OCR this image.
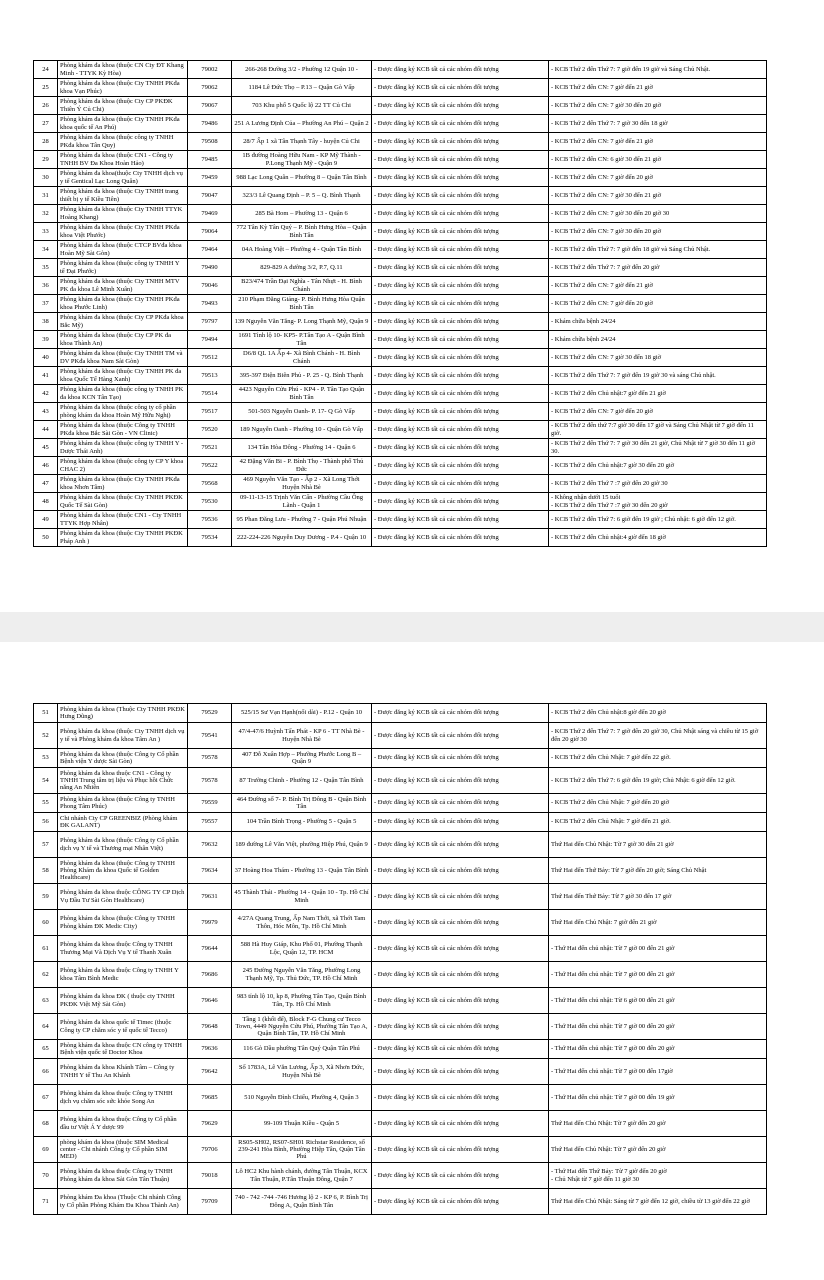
24	Phòng khám đa khoa (thuộc CN Cty ĐT Khang Minh - TTYK Kỳ Hòa)	79002	266-268 Đường 3/2 - Phường 12 Quận 10 -	- Được đăng ký KCB tất cả các nhóm đối tượng	- KCB Thứ 2 đến Thứ 7: 7 giờ đến 19 giờ và Sáng Chủ Nhật.
25	Phòng khám đa khoa (thuộc Cty TNHH PKđa khoa Vạn Phúc)	79062	1184 Lê Đức Thọ – P.13 – Quận Gò Vấp	- Được đăng ký KCB tất cả các nhóm đối tượng	- KCB Thứ 2 đến CN: 7 giờ đến 21 giờ
26	Phòng khám đa khoa (thuộc Cty CP PKĐK Thiên Ý Củ Chi)	79067	703 Khu phố 5 Quốc lộ 22 TT Củ Chi	- Được đăng ký KCB tất cả các nhóm đối tượng	- KCB Thứ 2 đến CN: 7 giờ 30 đến 20 giờ
27	Phòng khám đa khoa (thuộc Cty TNHH PKđa khoa quốc tế An Phú)	79486	251 A Lương Định Của – Phường An Phú – Quận 2	- Được đăng ký KCB tất cả các nhóm đối tượng	- KCB Thứ 2 đến Thứ 7: 7 giờ 30 đến 18 giờ
28	Phòng khám đa khoa (thuộc công ty TNHH PKđa khoa Tân Quy)	79508	28/7 Ấp 1 xã Tân Thạnh Tây - huyện Củ Chi	- Được đăng ký KCB tất cả các nhóm đối tượng	- KCB Thứ 2 đến CN: 7 giờ đến 21 giờ
29	Phòng khám đa khoa (thuộc CN1 - Công ty TNHH BV Đa Khoa Hoàn Hảo)	79485	1B đường Hoàng Hữu Nam - KP Mỹ Thành - P.Long Thạnh Mỹ - Quận 9	- Được đăng ký KCB tất cả các nhóm đối tượng	- KCB Thứ 2 đến CN: 6 giờ 30 đến 21 giờ
30	Phòng khám đa khoa(thuộc Cty TNHH dịch vụ y tế Gentical Lạc Long Quân)	79459	988 Lạc Long Quân – Phường 8 – Quận Tân Bình	- Được đăng ký KCB tất cả các nhóm đối tượng	- KCB Thứ 2 đến CN: 7 giờ đến 20 giờ
31	Phòng khám đa khoa (thuộc Cty TNHH trang thiết bị y tế Kiều Tiên)	79047	323/3 Lê Quang Định – P. 5 – Q. Bình Thạnh	- Được đăng ký KCB tất cả các nhóm đối tượng	- KCB Thứ 2 đến CN: 7 giờ 30 đến 21 giờ
32	Phòng khám đa khoa (thuộc Cty TNHH TTYK Hoàng Khang)	79469	285 Bà Hom – Phường 13 - Quận 6	- Được đăng ký KCB tất cả các nhóm đối tượng	- KCB Thứ 2 đến CN: 7 giờ 30 đến 20 giờ 30
33	Phòng khám đa khoa (thuộc Cty TNHH PKđa khoa Việt Phước)	79064	772 Tân Kỳ Tân Quý – P. Bình Hưng Hòa – Quận Bình Tân	- Được đăng ký KCB tất cả các nhóm đối tượng	- KCB Thứ 2 đến CN: 7 giờ 30 đến 20 giờ
34	Phòng khám đa khoa (thuộc CTCP BVđa khoa Hoàn Mỹ Sài Gòn)	79464	04A Hoàng Việt – Phường 4 - Quận Tân Bình	- Được đăng ký KCB tất cả các nhóm đối tượng	- KCB Thứ 2 đến Thứ 7: 7 giờ đến 18 giờ và Sáng Chủ Nhật.
35	Phòng khám đa khoa (thuộc công ty TNHH Y tế Đại Phước)	79490	829-829 A đường 3/2, P.7, Q.11	- Được đăng ký KCB tất cả các nhóm đối tượng	- KCB Thứ 2 đến Thứ 7: 7 giờ đến 20 giờ
36	Phòng khám đa khoa (thuộc Cty TNHH MTV PK đa khoa Lê Minh Xuân)	79046	B23/474 Trần Đại Nghĩa - Tân Nhựt - H. Bình Chánh	- Được đăng ký KCB tất cả các nhóm đối tượng	- KCB Thứ 2 đến CN: 7 giờ đến 21 giờ
37	Phòng khám đa khoa (thuộc Cty TNHH PKđa khoa Phước Linh)	79493	210 Phạm Đăng Giảng- P. Bình Hưng Hòa Quận Bình Tân	- Được đăng ký KCB tất cả các nhóm đối tượng	- KCB Thứ 2 đến CN: 7 giờ đến 20 giờ
38	Phòng khám đa khoa (thuộc Cty CP PKđa khoa Bắc Mỹ)	79797	139 Nguyễn Văn Tăng- P. Long Thạnh Mỹ, Quận 9	- Được đăng ký KCB tất cả các nhóm đối tượng	- Khám chữa bệnh 24/24
39	Phòng khám đa khoa (thuộc Cty CP PK đa khoa Thành An)	79494	1691 Tỉnh lộ 10- KP5- P.Tân Tạo A - Quận Bình Tân	- Được đăng ký KCB tất cả các nhóm đối tượng	- Khám chữa bệnh 24/24
40	Phòng khám đa khoa (thuộc Cty TNHH TM và DV PKđa khoa Nam Sài Gòn)	79512	D6/8 QL 1A Ấp 4- Xã Bình Chánh - H. Bình Chánh	- Được đăng ký KCB tất cả các nhóm đối tượng	- KCB Thứ 2 đến CN: 7 giờ 30 đến 18 giờ
41	Phòng khám đa khoa (thuộc Cty TNHH PK đa khoa Quốc Tế Hàng Xanh)	79513	395-397 Điện Biên Phủ - P. 25 - Q. Bình Thạnh	- Được đăng ký KCB tất cả các nhóm đối tượng	- KCB Thứ 2 đến Thứ 7: 7 giờ đến 19 giờ 30 và sáng Chủ nhật.
42	Phòng khám đa khoa (thuộc công ty TNHH PK đa khoa KCN Tân Tạo)	79514	4423 Nguyễn Cửu Phú - KP4 - P. Tân Tạo Quận Bình Tân	- Được đăng ký KCB tất cả các nhóm đối tượng	- KCB Thứ 2 đến Chủ nhật:7 giờ đến 21 giờ
43	Phòng khám đa khoa (thuộc công ty cổ phần phòng khám đa khoa Hoàn Mỹ Hữu Nghị)	79517	501-503 Nguyễn Oanh- P. 17- Q Gò Vấp	- Được đăng ký KCB tất cả các nhóm đối tượng	- KCB Thứ 2 đến CN: 7 giờ đến 20 giờ
44	Phòng khám đa khoa (thuộc Công ty TNHH PKđa khoa Bắc Sài Gòn - VN Clinic)	79520	189 Nguyễn Oanh - Phường 10 - Quận Gò Vấp	- Được đăng ký KCB tất cả các nhóm đối tượng	- KCB Thứ 2 đến thứ 7:7 giờ 30 đến 17 giờ và Sáng Chủ Nhật từ 7 giờ đến 11 giờ.
45	Phòng khám đa khoa (thuộc công ty TNHH Y - Dược Thái Anh)	79521	134 Tân Hòa Đông - Phường 14 - Quận 6	- Được đăng ký KCB tất cả các nhóm đối tượng	- KCB Thứ 2 đến Thứ 7: 7 giờ 30 đến 21 giờ, Chủ Nhật từ 7 giờ 30 đến 11 giờ 30.
46	Phòng khám đa khoa (thuộc công ty CP Y khoa CHAC 2)	79522	42 Đặng Văn Bi - P. Bình Thọ - Thành phố Thủ Đức	- Được đăng ký KCB tất cả các nhóm đối tượng	- KCB Thứ 2 đến Chủ nhật:7 giờ 30 đến 20 giờ
47	Phòng khám đa khoa (thuộc Cty TNHH PKđa khoa Nhơn Tâm)	79568	469 Nguyễn Văn Tạo - Ấp 2 - Xã Long Thới Huyện Nhà Bè	- Được đăng ký KCB tất cả các nhóm đối tượng	- KCB Thứ 2 đến Thứ 7 :7 giờ đến 20 giờ 30
48	Phòng khám đa khoa (thuộc Cty TNHH PKĐK Quốc Tế Sài Gòn)	79530	09-11-13-15 Trịnh Văn Cấn - Phường Cầu Ông Lãnh - Quận 1	- Được đăng ký KCB tất cả các nhóm đối tượng	- Không nhận dưới 15 tuổi
- KCB Thứ 2 đến Thứ 7 :7 giờ 30 đến 20 giờ
49	Phòng khám đa khoa (thuộc CN1 - Cty TNHH TTYK Hợp Nhân)	79536	95 Phan Đăng Lưu - Phường 7 - Quận Phú Nhuận	- Được đăng ký KCB tất cả các nhóm đối tượng	- KCB Thứ 2 đến Thứ 7: 6 giờ đến 19 giờ ; Chủ nhật: 6 giờ đến 12 giờ.
50	Phòng khám đa khoa (thuộc Cty TNHH PKĐK Pháp Anh )	79534	222-224-226 Nguyễn Duy Dương - P.4 - Quận 10	- Được đăng ký KCB tất cả các nhóm đối tượng	- KCB Thứ 2 đến Chủ nhật:4 giờ đến 18 giờ
51	Phòng khám đa khoa (Thuộc Cty TNHH PKĐK Hưng Dũng)	79529	525/15 Sư Vạn Hạnh(nối dài) - P.12 - Quận 10	- Được đăng ký KCB tất cả các nhóm đối tượng	- KCB Thứ 2 đến Chủ nhật:8 giờ đến 20 giờ
52	Phòng khám đa khoa (thuộc Cty TNHH dịch vụ y tế và Phòng khám đa khoa Tâm An )	79541	47/4-47/6 Huỳnh Tấn Phát - KP 6 - TT Nhà Bè - Huyện Nhà Bè	- Được đăng ký KCB tất cả các nhóm đối tượng	- KCB Thứ 2 đến Thứ 7: 7 giờ đến 20 giờ 30, Chủ Nhật sáng và chiều từ 15 giờ đến 20 giờ 30
53	Phòng khám đa khoa (thuộc Công ty Cổ phần Bệnh viện Y dược Sài Gòn)	79578	407 Đỗ Xuân Hợp – Phường Phước Long B – Quận 9	- Được đăng ký KCB tất cả các nhóm đối tượng	- KCB Thứ 2 đến Chủ Nhật: 7 giờ đến 22 giờ.
54	Phòng khám đa khoa thuộc CN1 - Công ty TNHH Trung tâm trị liệu và Phục hồi Chức năng An Nhiên	79578	87 Trường Chinh - Phường 12 - Quận Tân Bình	- Được đăng ký KCB tất cả các nhóm đối tượng	- KCB Thứ 2 đến Thứ 7: 6 giờ đến 19 giờ; Chủ Nhật: 6 giờ đến 12 giờ.
55	Phòng khám đa khoa (thuộc Công ty TNHH Phong Tâm Phúc)	79559	464 Đường số 7- P. Bình Trị Đông B - Quận Bình Tân	- Được đăng ký KCB tất cả các nhóm đối tượng	- KCB Thứ 2 đến Chủ Nhật: 7 giờ đến 20 giờ
56	Chi nhánh Cty CP GREENBIZ (Phòng khám ĐK GALANT)	79557	104 Trần Bình Trọng - Phường 5 - Quận 5	- Được đăng ký KCB tất cả các nhóm đối tượng	- KCB Thứ 2 đến Chủ Nhật: 7 giờ đến 21 giờ.
57	Phòng khám đa khoa (thuộc Công ty Cổ phần dịch vụ Y tế và Thương mại Nhân Việt)	79632	189 đường Lê Văn Việt, phường Hiệp Phú, Quận 9	- Được đăng ký KCB tất cả các nhóm đối tượng	Thứ Hai đến Chủ Nhật: Từ 7 giờ 30 đến 21 giờ
58	Phòng khám đa khoa (thuộc Công ty TNHH Phòng Khám đa khoa Quốc tế Golden Healthcare)	79634	37 Hoàng Hoa Thám - Phường 13 - Quận Tân Bình	- Được đăng ký KCB tất cả các nhóm đối tượng	Thứ Hai đến Thứ Bảy: Từ 7 giờ đến 20 giờ; Sáng Chủ Nhật
59	Phòng khám đa khoa thuộc CÔNG TY CP Dịch Vụ Đầu Tư Sài Gòn Healthcare)	79631	45 Thành Thái - Phường 14 - Quận 10 - Tp. Hồ Chí Minh	- Được đăng ký KCB tất cả các nhóm đối tượng	Thứ Hai đến Thứ Bảy: Từ 7 giờ 30 đến 17 giờ
60	Phòng khám đa khoa (thuộc Công ty TNHH Phòng khám ĐK Medic City)	79979	4/27A Quang Trung, Ấp Nam Thới, xã Thới Tam Thôn, Hóc Môn, Tp. Hồ Chí Minh	- Được đăng ký KCB tất cả các nhóm đối tượng	Thứ Hai đến Chủ Nhật: 7 giờ đến 21 giờ
61	Phòng khám đa khoa thuộc Công ty TNHH Thương Mại Và Dịch Vụ Y tế Thanh Xuân	79644	588 Hà Huy Giáp, Khu Phố 01, Phường Thạnh Lộc, Quận 12, TP. HCM	- Được đăng ký KCB tất cả các nhóm đối tượng	- Thứ Hai đến chủ nhật: Từ 7 giờ 00 đến 21 giờ
62	Phòng khám đa khoa thuộc Công ty TNHH Y khoa Tâm Bình Medic	79686	245 Đường Nguyễn Văn Tăng, Phường Long Thạnh Mỹ, Tp. Thủ Đức, TP. Hồ Chí Minh	- Được đăng ký KCB tất cả các nhóm đối tượng	- Thứ Hai đến chủ nhật: Từ 7 giờ 00 đến 21 giờ
63	Phòng khám đa khoa ĐK ( thuộc cty TNHH PKĐK Việt Mỹ Sài Gòn)	79646	983 tỉnh lộ 10, kp 8, Phường Tân Tạo, Quận Bình Tân, Tp. Hồ Chí Minh	- Được đăng ký KCB tất cả các nhóm đối tượng	- Thứ Hai đến chủ nhật: Từ 6 giờ 00 đến 21 giờ
64	Phòng khám đa khoa quốc tế Timec (thuộc Công ty CP chăm sóc y tế quốc tế Tecco)	79648	Tầng 1 (khối đế), Block F-G Chung cư Tecco Town, 4449 Nguyễn Cửu Phú, Phường Tân Tạo A, Quận Bình Tân, TP. Hồ Chí Minh	- Được đăng ký KCB tất cả các nhóm đối tượng	- Thứ Hai đến chủ nhật: Từ 7 giờ 00 đến 20 giờ
65	Phòng khám đa khoa thuộc CN công ty TNHH Bệnh viện quốc tế Doctor Khoa	79636	116 Gò Dầu phường Tân Quý Quận Tân Phú	- Được đăng ký KCB tất cả các nhóm đối tượng	- Thứ Hai đến chủ nhật: Từ 7 giờ 00 đến 20 giờ
66	Phòng khám đa khoa Khánh Tâm – Công ty TNHH Y tế Thu An Khánh	79642	Số 1783A, Lê Văn Lương, Ấp 3, Xã Nhơn Đức, Huyện Nhà Bè	- Được đăng ký KCB tất cả các nhóm đối tượng	- Thứ Hai đến chủ nhật: Từ 7 giờ 00 đến 17giờ
67	Phòng khám đa khoa thuộc Công ty TNHH dịch vụ chăm sóc sức khỏe Song An	79685	510 Nguyễn Đình Chiểu, Phường 4, Quận 3	- Được đăng ký KCB tất cả các nhóm đối tượng	- Thứ Hai đến chủ nhật: Từ 7 giờ 00 đến 19 giờ
68	Phòng khám đa khoa thuộc Công ty Cổ phần đầu tư Việt Á Y dược 99	79629	99-109 Thuận Kiều - Quận 5	- Được đăng ký KCB tất cả các nhóm đối tượng	Thứ Hai đến Chủ Nhật: Từ 7 giờ đến 20 giờ
69	phòng khám đa khoa (thuộc SIM Medical center - Chi nhánh Công ty Cổ phần SIM MED)	79706	RS05-SH02, RS07-SH01 Richstar Residence, số 239-241 Hòa Bình, Phường Hiệp Tân, Quận Tân Phú	- Được đăng ký KCB tất cả các nhóm đối tượng	Thứ Hai đến Chủ Nhật: Từ 7 giờ đến 20 giờ
70	Phòng khám đa khoa thuộc Công ty TNHH Phòng khám đa khoa Sài Gòn Tân Thuận)	79018	Lô HC2 Khu hành chánh, đường Tân Thuận, KCX Tân Thuận, P.Tân Thuận Đông, Quận 7	- Được đăng ký KCB tất cả các nhóm đối tượng	- Thứ Hai đến Thứ Bảy: Từ 7 giờ đến 20 giờ
- Chủ Nhật từ 7 giờ đến 11 giờ 30
71	Phòng khám Đa khoa (Thuộc Chi nhánh Công ty Cổ phần Phòng Khám Đa Khoa Thành An)	79709	740 - 742 -744 -746 Hương lộ 2 - KP 6, P. Bình Trị Đông A, Quận Bình Tân	- Được đăng ký KCB tất cả các nhóm đối tượng	Thứ Hai đến Chủ Nhật: Sáng từ 7 giờ đến 12 giờ, chiều từ 13 giờ đến 22 giờ
